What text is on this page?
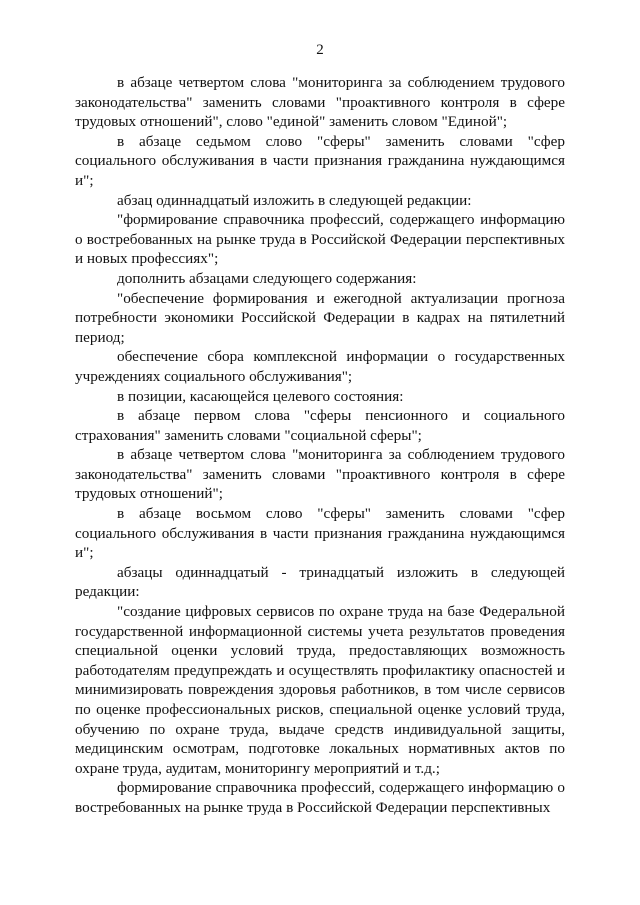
2

в абзаце четвертом слова "мониторинга за соблюдением трудового законодательства" заменить словами "проактивного контроля в сфере трудовых отношений", слово "единой" заменить словом "Единой";

в абзаце седьмом слово "сферы" заменить словами "сфер социального обслуживания в части признания гражданина нуждающимся и";

абзац одиннадцатый изложить в следующей редакции:

"формирование справочника профессий, содержащего информацию о востребованных на рынке труда в Российской Федерации перспективных и новых профессиях";

дополнить абзацами следующего содержания:

"обеспечение формирования и ежегодной актуализации прогноза потребности экономики Российской Федерации в кадрах на пятилетний период;

обеспечение сбора комплексной информации о государственных учреждениях социального обслуживания";

в позиции, касающейся целевого состояния:

в абзаце первом слова "сферы пенсионного и социального страхования" заменить словами "социальной сферы";

в абзаце четвертом слова "мониторинга за соблюдением трудового законодательства" заменить словами "проактивного контроля в сфере трудовых отношений";

в абзаце восьмом слово "сферы" заменить словами "сфер социального обслуживания в части признания гражданина нуждающимся и";

абзацы одиннадцатый - тринадцатый изложить в следующей редакции:

"создание цифровых сервисов по охране труда на базе Федеральной государственной информационной системы учета результатов проведения специальной оценки условий труда, предоставляющих возможность работодателям предупреждать и осуществлять профилактику опасностей и минимизировать повреждения здоровья работников, в том числе сервисов по оценке профессиональных рисков, специальной оценке условий труда, обучению по охране труда, выдаче средств индивидуальной защиты, медицинским осмотрам, подготовке локальных нормативных актов по охране труда, аудитам, мониторингу мероприятий и т.д.;

формирование справочника профессий, содержащего информацию о востребованных на рынке труда в Российской Федерации перспективных
